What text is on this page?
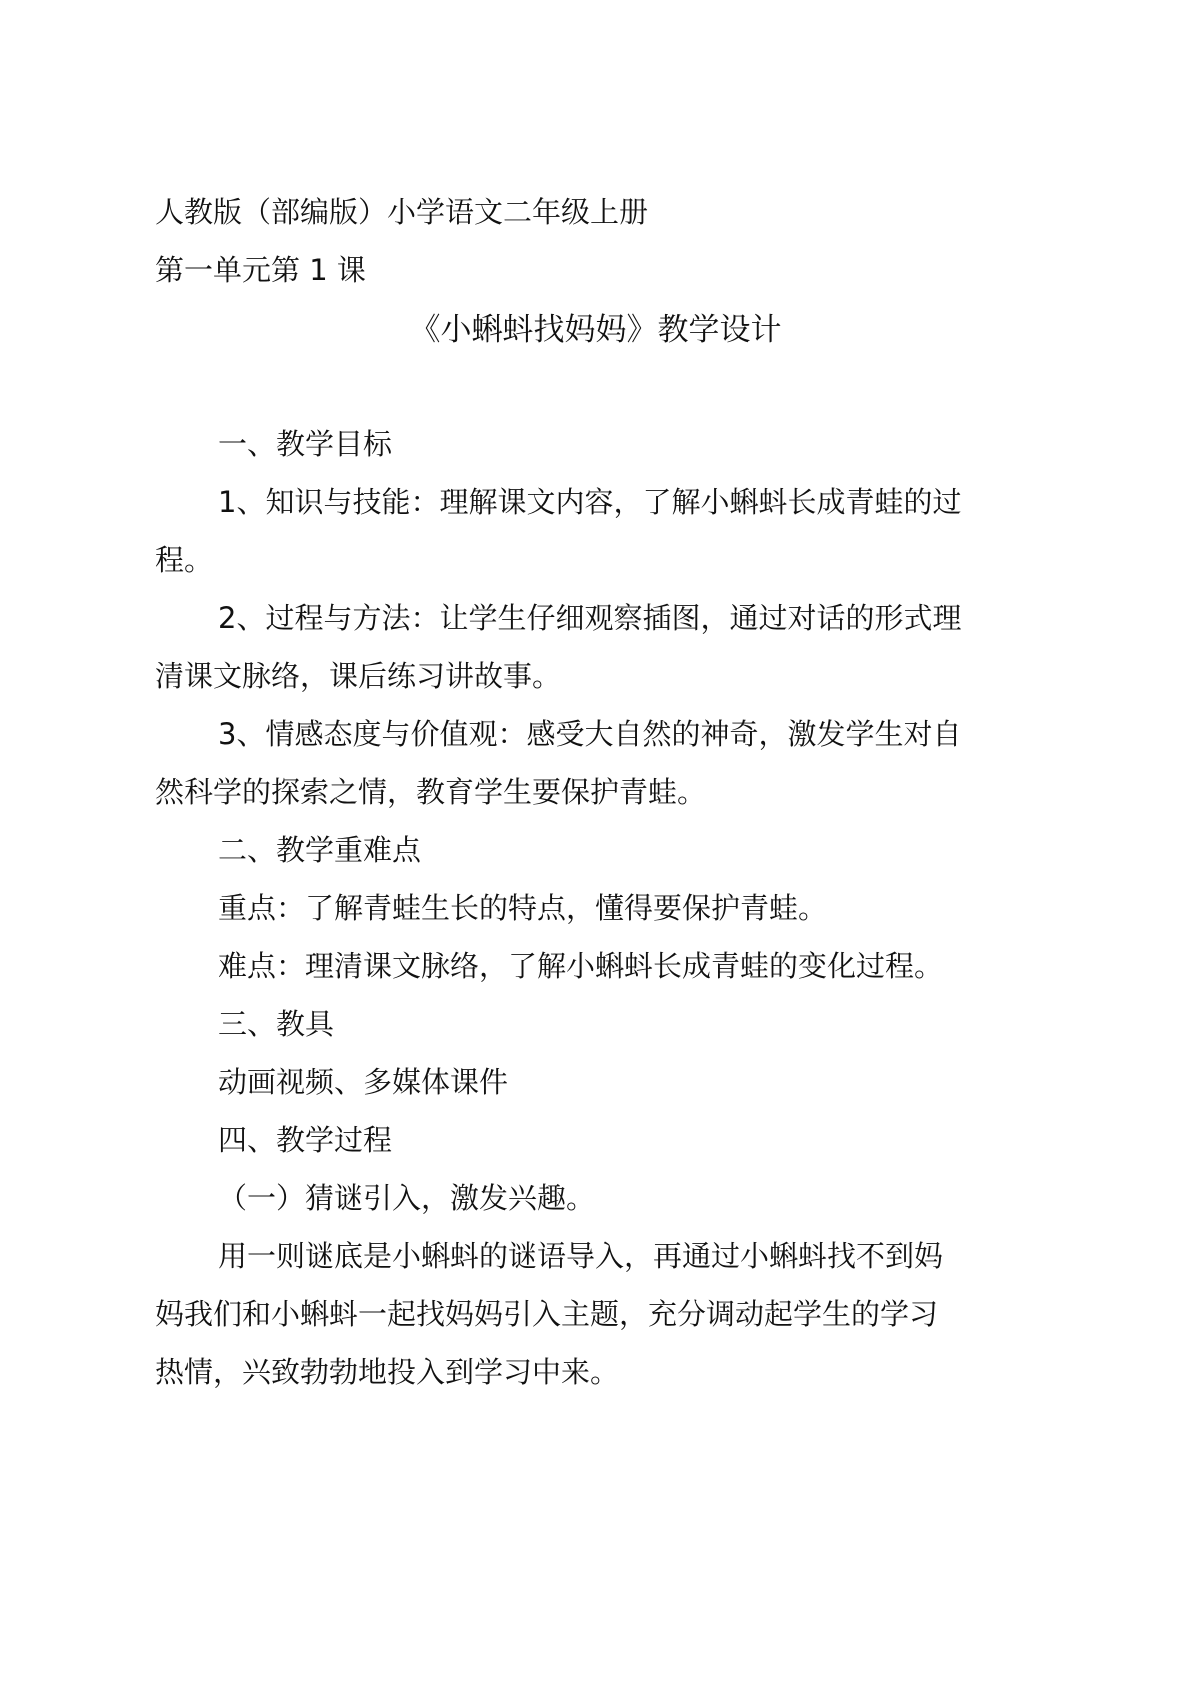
人教版（部编版）小学语文二年级上册
第一单元第 1 课
《小蝌蚪找妈妈》教学设计
一、教学目标
1、知识与技能：理解课文内容，了解小蝌蚪长成青蛙的过
程。
2、过程与方法：让学生仔细观察插图，通过对话的形式理
清课文脉络，课后练习讲故事。
3、情感态度与价值观：感受大自然的神奇，激发学生对自
然科学的探索之情，教育学生要保护青蛙。
二、教学重难点
重点：了解青蛙生长的特点，懂得要保护青蛙。
难点：理清课文脉络，了解小蝌蚪长成青蛙的变化过程。
三、教具
动画视频、多媒体课件
四、教学过程
（一）猜谜引入，激发兴趣。
用一则谜底是小蝌蚪的谜语导入，再通过小蝌蚪找不到妈
妈我们和小蝌蚪一起找妈妈引入主题，充分调动起学生的学习
热情，兴致勃勃地投入到学习中来。
